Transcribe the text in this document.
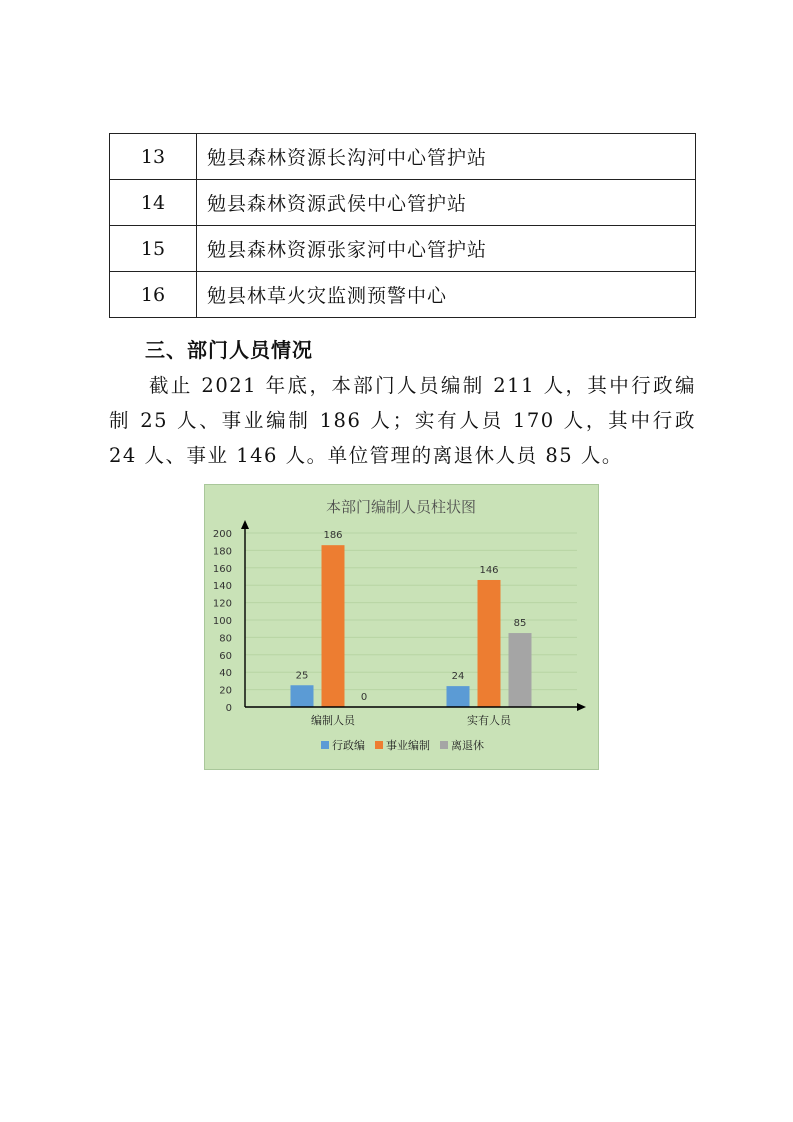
13	勉县森林资源长沟河中心管护站
14	勉县森林资源武侯中心管护站
15	勉县森林资源张家河中心管护站
16	勉县林草火灾监测预警中心
三、部门人员情况

截止 2021 年底，本部门人员编制 211 人，其中行政编制 25 人、事业编制 186 人；实有人员 170 人，其中行政 24 人、事业 146 人。单位管理的离退休人员 85 人。

本部门编制人员柱状图
0
20
40
60
80
100
120
140
160
180
200
25
186
0
24
146
85
编制人员	实有人员
行政编 事业编制 离退休
